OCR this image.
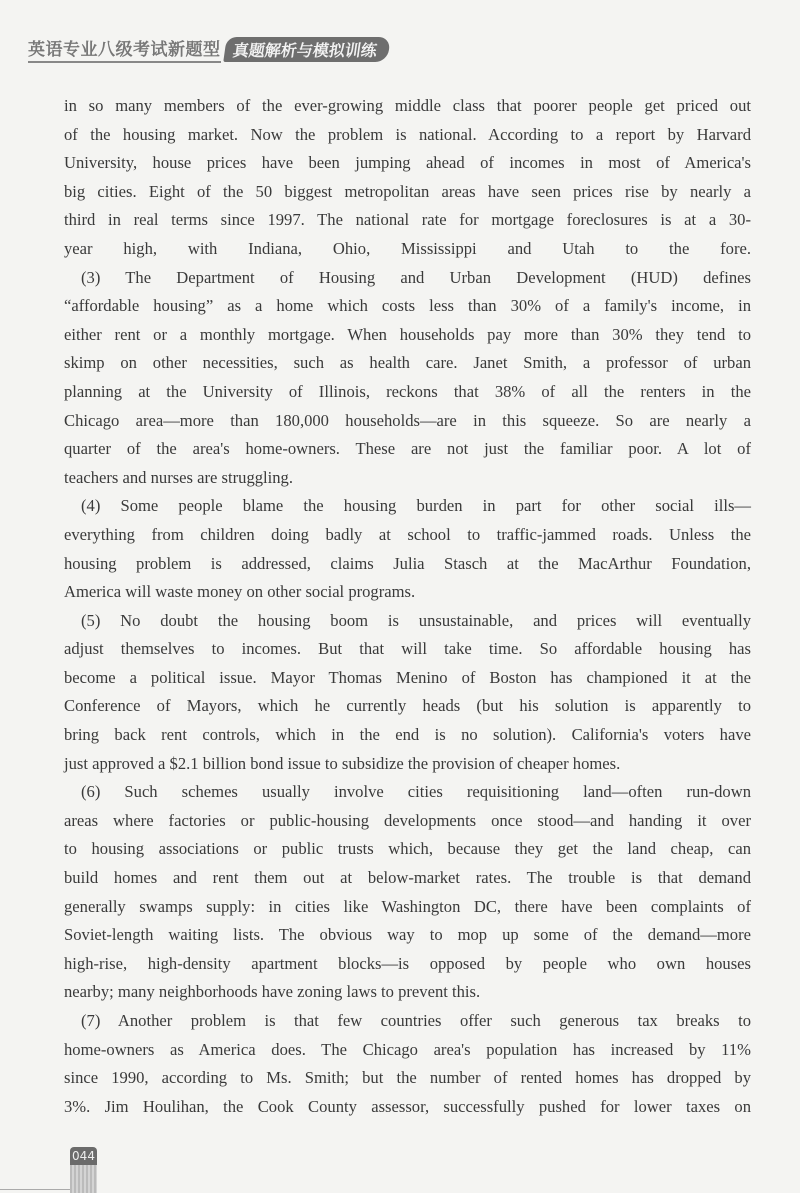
英语专业八级考试新题型 真题解析与模拟训练
in so many members of the ever-growing middle class that poorer people get priced out
of the housing market. Now the problem is national. According to a report by Harvard
University, house prices have been jumping ahead of incomes in most of America's
big cities. Eight of the 50 biggest metropolitan areas have seen prices rise by nearly a
third in real terms since 1997. The national rate for mortgage foreclosures is at a 30-
year high, with Indiana, Ohio, Mississippi and Utah to the fore.
(3) The Department of Housing and Urban Development (HUD) defines
“affordable housing” as a home which costs less than 30% of a family's income, in
either rent or a monthly mortgage. When households pay more than 30% they tend to
skimp on other necessities, such as health care. Janet Smith, a professor of urban
planning at the University of Illinois, reckons that 38% of all the renters in the
Chicago area—more than 180,000 households—are in this squeeze. So are nearly a
quarter of the area's home-owners. These are not just the familiar poor. A lot of
teachers and nurses are struggling.
(4) Some people blame the housing burden in part for other social ills—
everything from children doing badly at school to traffic-jammed roads. Unless the
housing problem is addressed, claims Julia Stasch at the MacArthur Foundation,
America will waste money on other social programs.
(5) No doubt the housing boom is unsustainable, and prices will eventually
adjust themselves to incomes. But that will take time. So affordable housing has
become a political issue. Mayor Thomas Menino of Boston has championed it at the
Conference of Mayors, which he currently heads (but his solution is apparently to
bring back rent controls, which in the end is no solution). California's voters have
just approved a $2.1 billion bond issue to subsidize the provision of cheaper homes.
(6) Such schemes usually involve cities requisitioning land—often run-down
areas where factories or public-housing developments once stood—and handing it over
to housing associations or public trusts which, because they get the land cheap, can
build homes and rent them out at below-market rates. The trouble is that demand
generally swamps supply: in cities like Washington DC, there have been complaints of
Soviet-length waiting lists. The obvious way to mop up some of the demand—more
high-rise, high-density apartment blocks—is opposed by people who own houses
nearby; many neighborhoods have zoning laws to prevent this.
(7) Another problem is that few countries offer such generous tax breaks to
home-owners as America does. The Chicago area's population has increased by 11%
since 1990, according to Ms. Smith; but the number of rented homes has dropped by
3%. Jim Houlihan, the Cook County assessor, successfully pushed for lower taxes on
044
